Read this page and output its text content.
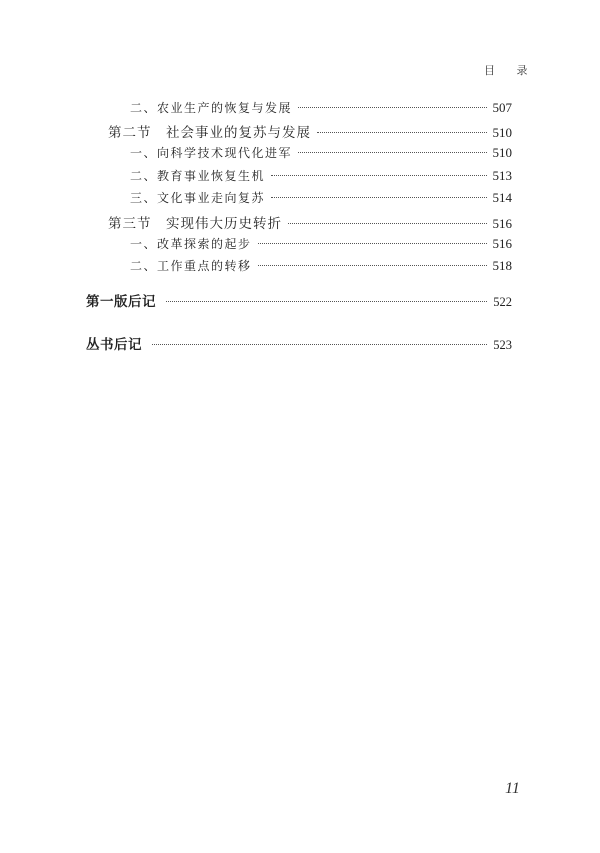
目 录
二、农业生产的恢复与发展	507
第二节　社会事业的复苏与发展	510
一、向科学技术现代化进军	510
二、教育事业恢复生机	513
三、文化事业走向复苏	514
第三节　实现伟大历史转折	516
一、改革探索的起步	516
二、工作重点的转移	518
第一版后记	522
丛书后记	523
11
